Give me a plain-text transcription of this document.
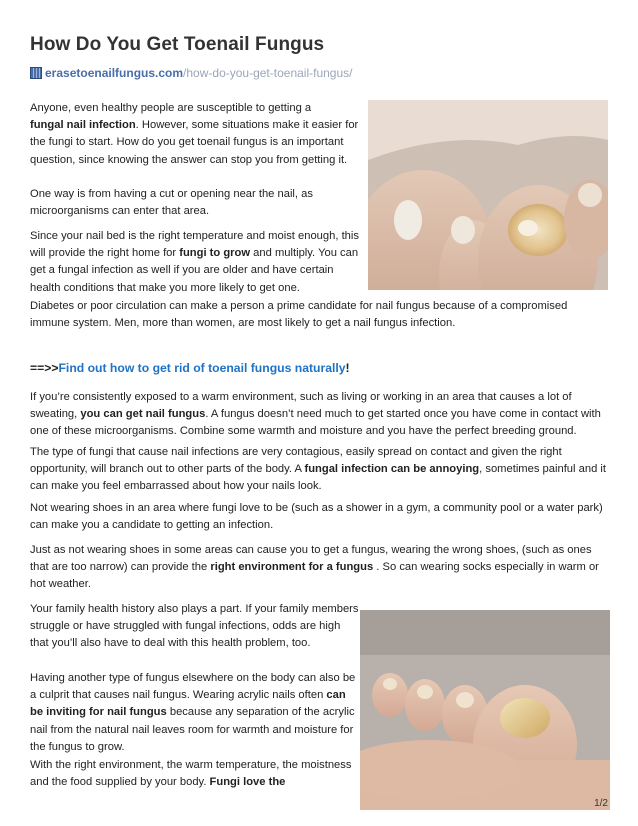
How Do You Get Toenail Fungus
erasetoenailfungus.com/how-do-you-get-toenail-fungus/

Anyone, even healthy people are susceptible to getting a
fungal nail infection. However, some situations make it easier for the fungi to start. How do you get toenail fungus is an important question, since knowing the answer can stop you from getting it.

One way is from having a cut or opening near the nail, as microorganisms can enter that area.

Since your nail bed is the right temperature and moist enough, this will provide the right home for fungi to grow and multiply. You can get a fungal infection as well if you are older and have certain health conditions that make you more likely to get one.

Diabetes or poor circulation can make a person a prime candidate for nail fungus because of a compromised immune system. Men, more than women, are most likely to get a nail fungus infection.

==>>Find out how to get rid of toenail fungus naturally!

If you’re consistently exposed to a warm environment, such as living or working in an area that causes a lot of sweating, you can get nail fungus. A fungus doesn’t need much to get started once you have come in contact with one of these microorganisms. Combine some warmth and moisture and you have the perfect breeding ground.

The type of fungi that cause nail infections are very contagious, easily spread on contact and given the right opportunity, will branch out to other parts of the body. A fungal infection can be annoying, sometimes painful and it can make you feel embarrassed about how your nails look.

Not wearing shoes in an area where fungi love to be (such as a shower in a gym, a community pool or a water park) can make you a candidate to getting an infection.

Just as not wearing shoes in some areas can cause you to get a fungus, wearing the wrong shoes, (such as ones that are too narrow) can provide the right environment for a fungus . So can wearing socks especially in warm or hot weather.

Your family health history also plays a part. If your family members struggle or have struggled with fungal infections, odds are high that you’ll also have to deal with this health problem, too.

Having another type of fungus elsewhere on the body can also be a culprit that causes nail fungus. Wearing acrylic nails often can be inviting for nail fungus because any separation of the acrylic nail from the natural nail leaves room for warmth and moisture for the fungus to grow.

With the right environment, the warm temperature, the moistness and the food supplied by your body. Fungi love the

1/2
